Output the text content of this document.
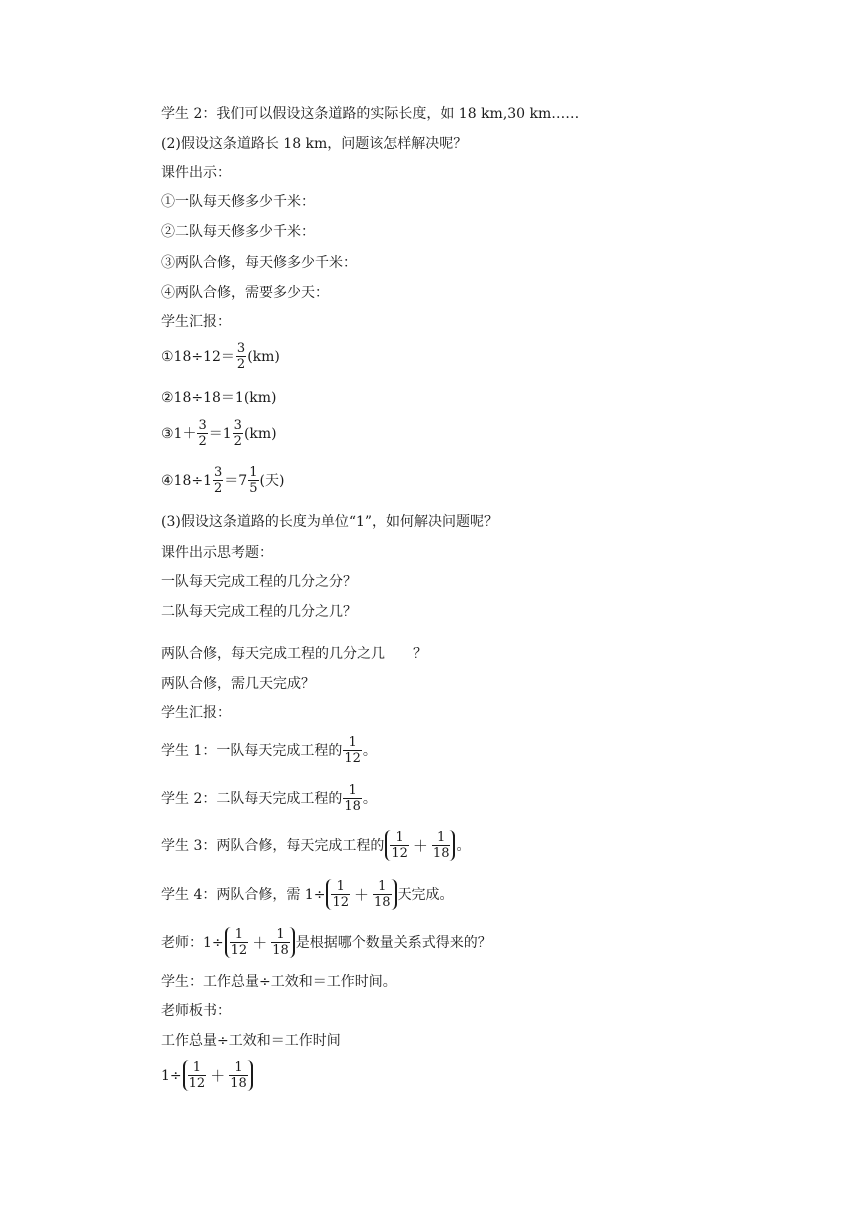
学生 2：我们可以假设这条道路的实际长度，如 18 km,30 km……
(2)假设这条道路长 18 km，问题该怎样解决呢？
课件出示：
①一队每天修多少千米：
②二队每天修多少千米：
③两队合修，每天修多少千米：
④两队合修，需要多少天：
学生汇报：
①18÷12＝ $\frac{3}{2} (km)$
②18÷18＝1(km)
③1＋ $\frac{3}{2} =1 \frac{3}{2} (km)$
④18÷1 $\frac{3}{2} =7 \frac{1}{5}$ (天)
(3)假设这条道路的长度为单位“1”，如何解决问题呢？
课件出示思考题：
一队每天完成工程的几分之分？
二队每天完成工程的几分之几？
两队合修，每天完成工程的几分之几　　？
两队合修，需几天完成？
学生汇报：
学生 1：一队每天完成工程的 $\frac{1}{12}$ 。
学生 2：二队每天完成工程的 $\frac{1}{18}$ 。
学生 3：两队合修，每天完成工程的 $\frac{1}{12} + \frac{1}{18}$ 。
学生 4：两队合修，需 $1\div \frac{1}{12} + \frac{1}{18}$ 天完成。
老师：$1\div \frac{1}{12} + \frac{1}{18}$ 是根据哪个数量关系式得来的？
学生：工作总量÷工效和＝工作时间。
老师板书：
工作总量÷工效和＝工作时间
$1\div \frac{1}{12} + \frac{1}{18}$
